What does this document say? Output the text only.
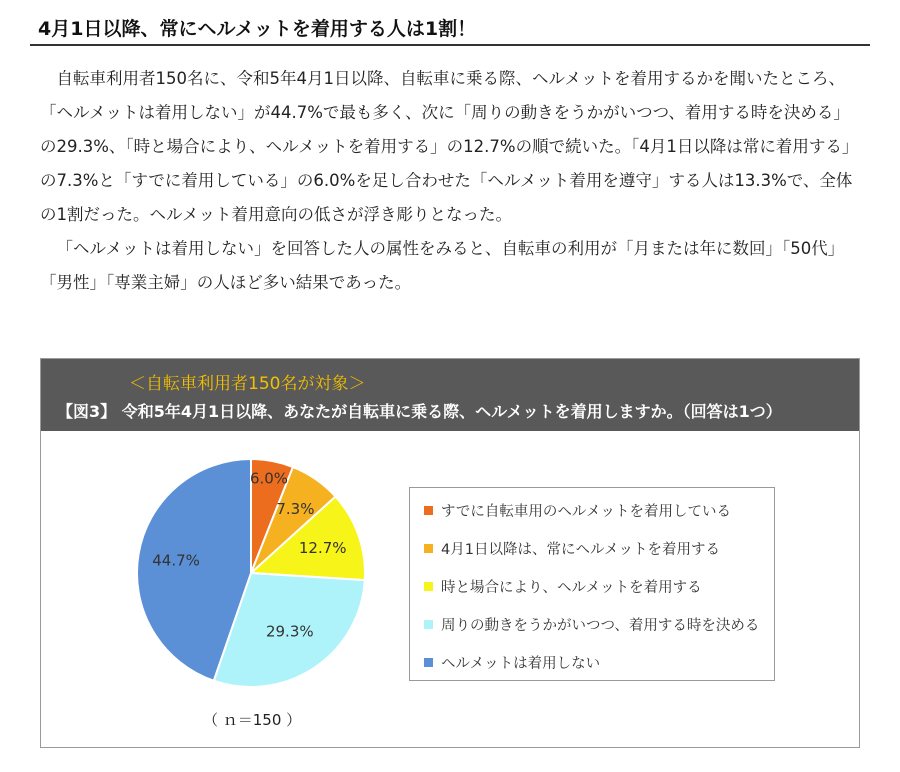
4月1日以降、常にヘルメットを着用する人は1割！

自転車利用者150名に、令和5年4月1日以降、自転車に乗る際、ヘルメットを着用するかを聞いたところ、「ヘルメットは着用しない」が44.7%で最も多く、次に「周りの動きをうかがいつつ、着用する時を決める」の29.3%、「時と場合により、ヘルメットを着用する」の12.7%の順で続いた。「4月1日以降は常に着用する」の7.3%と「すでに着用している」の6.0%を足し合わせた「ヘルメット着用を遵守」する人は13.3%で、全体の1割だった。ヘルメット着用意向の低さが浮き彫りとなった。

「ヘルメットは着用しない」を回答した人の属性をみると、自転車の利用が「月または年に数回」「50代」「男性」「専業主婦」の人ほど多い結果であった。

＜自転車利用者150名が対象＞
【図3】 令和5年4月1日以降、あなたが自転車に乗る際、ヘルメットを着用しますか。（回答は1つ）
6.0%
7.3%
12.7%
29.3%
44.7%
（ ｎ＝150 ）
すでに自転車用のヘルメットを着用している
4月1日以降は、常にヘルメットを着用する
時と場合により、ヘルメットを着用する
周りの動きをうかがいつつ、着用する時を決める
ヘルメットは着用しない
